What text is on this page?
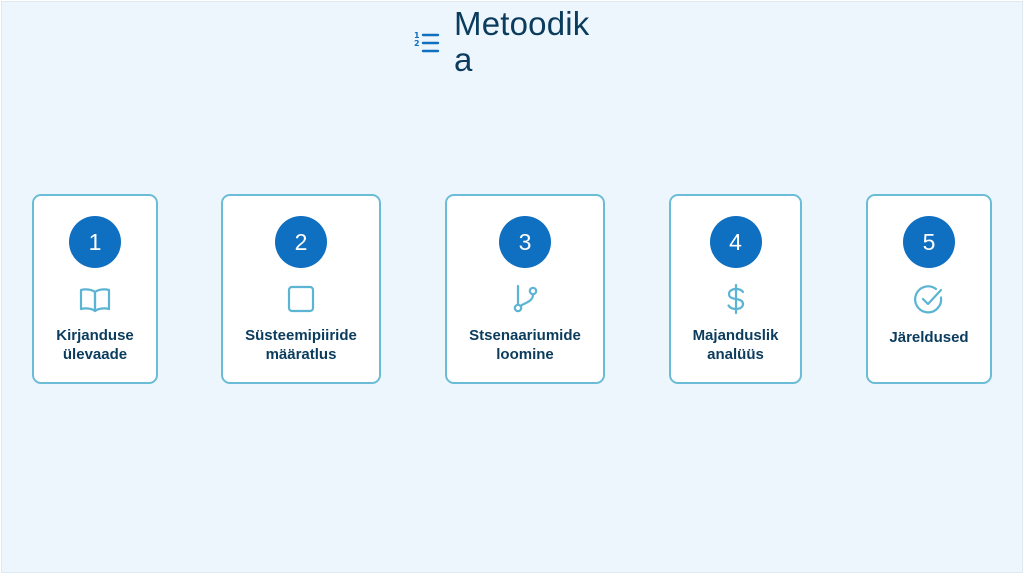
1
2
Metoodika
1
Kirjanduse
ülevaade
2
Süsteemipiiride
määratlus
3
Stsenaariumide
loomine
4
Majanduslik
analüüs
5
Järeldused
